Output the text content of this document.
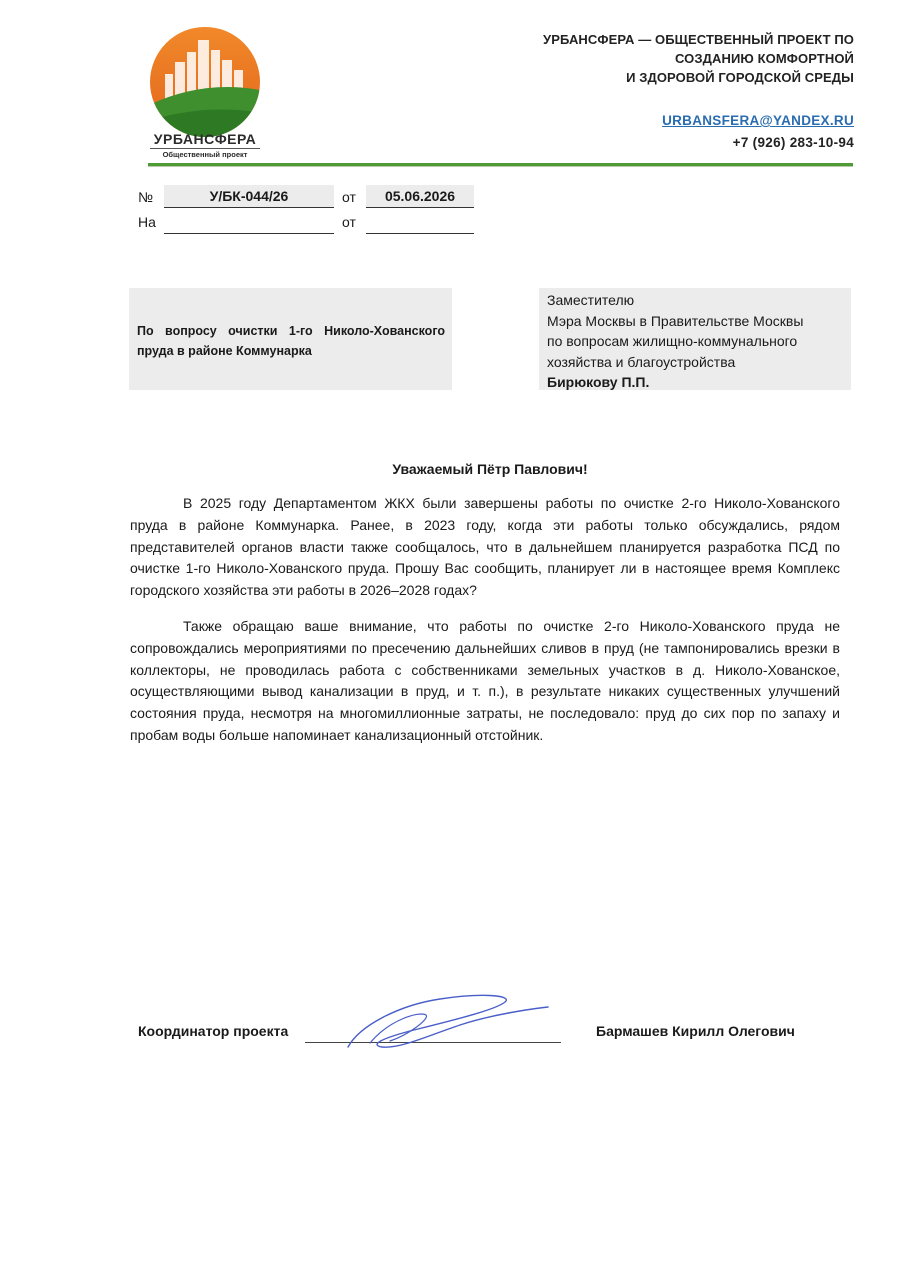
УРБАНСФЕРА
Общественный проект
УРБАНСФЕРА — ОБЩЕСТВЕННЫЙ ПРОЕКТ ПО СОЗДАНИЮ КОМФОРТНОЙ
И ЗДОРОВОЙ ГОРОДСКОЙ СРЕДЫ
URBANSFERA@YANDEX.RU
+7 (926) 283-10-94
№	У/БК-044/26	от	05.06.2026
На	от
По вопросу очистки 1-го Николо-Хованского пруда в районе Коммунарка
Заместителю
Мэра Москвы в Правительстве Москвы
по вопросам жилищно-коммунального
хозяйства и благоустройства
Бирюкову П.П.
Уважаемый Пётр Павлович!
В 2025 году Департаментом ЖКХ были завершены работы по очистке 2-го Николо-Хованского пруда в районе Коммунарка. Ранее, в 2023 году, когда эти работы только обсуждались, рядом представителей органов власти также сообщалось, что в дальнейшем планируется разработка ПСД по очистке 1-го Николо-Хованского пруда. Прошу Вас сообщить, планирует ли в настоящее время Комплекс городского хозяйства эти работы в 2026–2028 годах?
Также обращаю ваше внимание, что работы по очистке 2-го Николо-Хованского пруда не сопровождались мероприятиями по пресечению дальнейших сливов в пруд (не тампонировались врезки в коллекторы, не проводилась работа с собственниками земельных участков в д. Николо-Хованское, осуществляющими вывод канализации в пруд, и т. п.), в результате никаких существенных улучшений состояния пруда, несмотря на многомиллионные затраты, не последовало: пруд до сих пор по запаху и пробам воды больше напоминает канализационный отстойник.
Координатор проекта	Бармашев Кирилл Олегович
